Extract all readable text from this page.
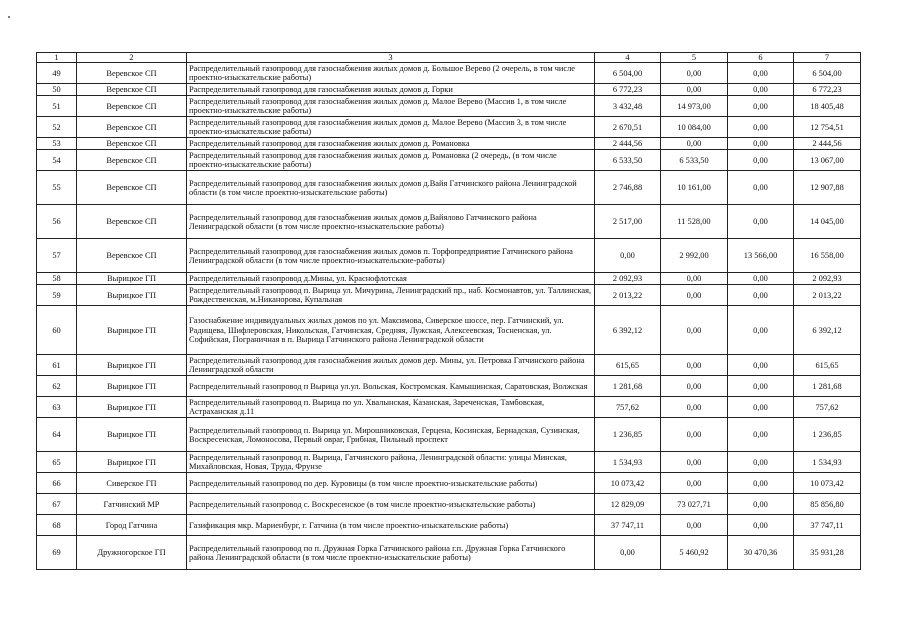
1	2	3	4	5	6	7
49	Веревское СП	Распределительный газопровод для газоснабжения жилых домов д. Большое Верево (2 очерель, в том числе проектно-изыскательские работы)	6 504,00	0,00	0,00	6 504,00
50	Веревское СП	Распределительный газопровод для газоснабжения жилых домов д. Горки	6 772,23	0,00	0,00	6 772,23
51	Веревское СП	Распределительный газопровод для газоснабжения жилых домов д. Малое Верево (Массив 1, в том числе проектно-изыскательские работы)	3 432,48	14 973,00	0,00	18 405,48
52	Веревское СП	Распределительный газопровод для газоснабжения жилых домов д. Малое Верево (Массив 3, в том числе проектно-изыскательские работы)	2 670,51	10 084,00	0,00	12 754,51
53	Веревское СП	Распределительный газопровод для газоснабжения жилых домов д. Романовка	2 444,56	0,00	0,00	2 444,56
54	Веревское СП	Распределительный газопровод для газоснабжения жилых домов д. Романовка (2 очередь, (в том числе проектно-изыскательские работы)	6 533,50	6 533,50	0,00	13 067,00
55	Веревское СП	Распределительный газопровод для газоснабжения жилых домов д.Вайя Гатчинского района Ленинградской области (в том числе проектно-изыскательские работы)	2 746,88	10 161,00	0,00	12 907,88
56	Веревское СП	Распределительный газопровод для газоснабжения жилых домов д.Вайялово Гатчинского района Ленинградской области (в том числе проектно-изыскательские работы)	2 517,00	11 528,00	0,00	14 045,00
57	Веревское СП	Распределительный газопровод для газоснабжения жилых домов п. Торфопредприятие Гатчинского района Ленинградской области (в том числе проектно-изыскательские-работы)	0,00	2 992,00	13 566,00	16 558,00
58	Вырицкое ГП	Распределительный газопровод д.Мины, ул. Краснофлотская	2 092,93	0,00	0,00	2 092,93
59	Вырицкое ГП	Распределительный газопровод п. Вырица ул. Мичурина, Ленинградский пр., наб. Космонавтов, ул. Таллинская, Рождественская, м.Никанорова, Купальная	2 013,22	0,00	0,00	2 013,22
60	Вырицкое ГП	Газоснабжение индивидуальных жилых домов по ул. Максимова, Сиверское шоссе, пер. Гатчинский, ул. Радищева, Шифлеровская, Никольская, Гатчинская, Средняя, Лужская, Алексеевская, Тосненская, ул. Софийская, Пограничная в п. Вырица Гатчинского района Ленинградской области	6 392,12	0,00	0,00	6 392,12
61	Вырицкое ГП	Распределительный газопровод для газоснабжения жилых домов дер. Мины, ул. Петровка Гатчинского района Ленинградской области	615,65	0,00	0,00	615,65
62	Вырицкое ГП	Распределительный газопровод п Вырица ул.ул. Вольская, Костромская. Камышинская, Саратовская, Волжская	1 281,68	0,00	0,00	1 281,68
63	Вырицкое ГП	Распределительный газопровод п. Вырица по ул. Хвалынская, Казанская, Зареченская, Тамбовская, Астраханская д.11	757,62	0,00	0,00	757,62
64	Вырицкое ГП	Распределительный газопровод п. Вырица ул. Мирошниковская, Герцена, Косинская, Бернадская, Сузинская, Воскресенская, Ломоносова, Первый овраг, Грибная, Пильный проспект	1 236,85	0,00	0,00	1 236,85
65	Вырицкое ГП	Распределительный газопровод п. Вырица, Гатчинского района, Ленинградской области: улицы Минская, Михайловская, Новая, Труда, Фрунзе	1 534,93	0,00	0,00	1 534,93
66	Сиверское ГП	Распределительный газопровод по дер. Куровицы (в том числе проектно-изыскательские работы)	10 073,42	0,00	0,00	10 073,42
67	Гатчинский МР	Распределительный газопровод с. Воскресенское (в том числе проектно-изыскательские работы)	12 829,09	73 027,71	0,00	85 856,80
68	Город Гатчина	Газификация мкр. Мариенбург, г. Гатчина (в том числе проектно-изыскательские работы)	37 747,11	0,00	0,00	37 747,11
69	Дружногорское ГП	Распределительный газопровод по п. Дружная Горка Гатчинского района г.п. Дружная Горка Гатчинского района Ленинградской области (в том числе проектно-изыскательские работы)	0,00	5 460,92	30 470,36	35 931,28
